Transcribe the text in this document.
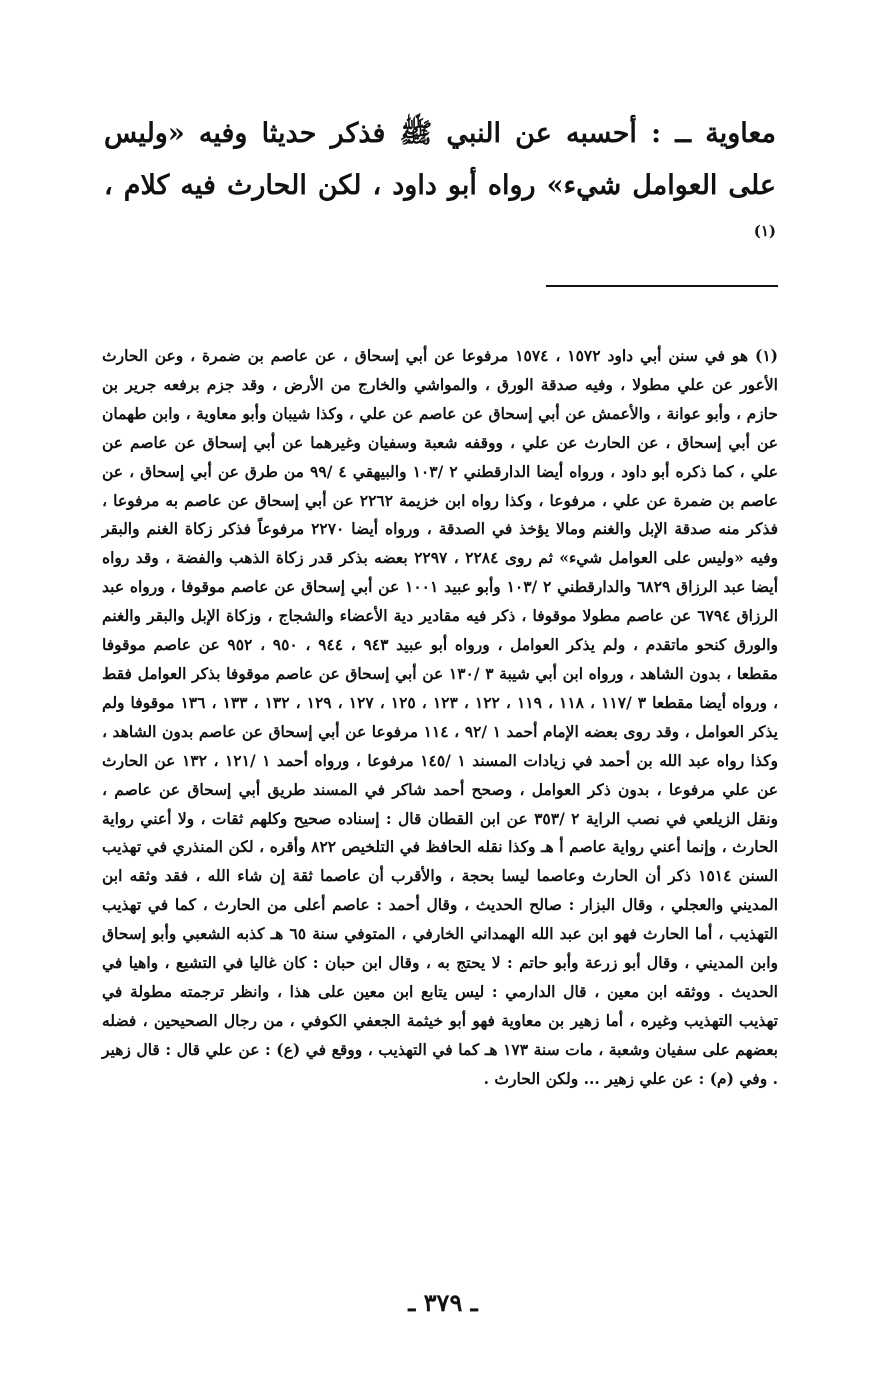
معاوية ــ : أحسبه عن النبي ﷺ فذكر حديثا وفيه «وليس على العوامل شيء» رواه أبو داود ، لكن الحارث فيه كلام ،$^{(١)}$

(١) هو في سنن أبي داود ١٥٧٢ ، ١٥٧٤ مرفوعا عن أبي إسحاق ، عن عاصم بن ضمرة ، وعن الحارث الأعور عن علي مطولا ، وفيه صدقة الورق ، والمواشي والخارج من الأرض ، وقد جزم برفعه جرير بن حازم ، وأبو عوانة ، والأعمش عن أبي إسحاق عن عاصم عن علي ، وكذا شيبان وأبو معاوية ، وابن طهمان عن أبي إسحاق ، عن الحارث عن علي ، ووقفه شعبة وسفيان وغيرهما عن أبي إسحاق عن عاصم عن علي ، كما ذكره أبو داود ، ورواه أيضا الدارقطني ٢ /١٠٣ والبيهقي ٤ /٩٩ من طرق عن أبي إسحاق ، عن عاصم بن ضمرة عن علي ، مرفوعا ، وكذا رواه ابن خزيمة ٢٢٦٢ عن أبي إسحاق عن عاصم به مرفوعا ، فذكر منه صدقة الإبل والغنم ومالا يؤخذ في الصدقة ، ورواه أيضا ٢٢٧٠ مرفوعاً فذكر زكاة الغنم والبقر وفيه «وليس على العوامل شيء» ثم روى ٢٢٨٤ ، ٢٢٩٧ بعضه بذكر قدر زكاة الذهب والفضة ، وقد رواه أيضا عبد الرزاق ٦٨٢٩ والدارقطني ٢ /١٠٣ وأبو عبيد ١٠٠١ عن أبي إسحاق عن عاصم موقوفا ، ورواه عبد الرزاق ٦٧٩٤ عن عاصم مطولا موقوفا ، ذكر فيه مقادير دية الأعضاء والشجاج ، وزكاة الإبل والبقر والغنم والورق كنحو ماتقدم ، ولم يذكر العوامل ، ورواه أبو عبيد ٩٤٣ ، ٩٤٤ ، ٩٥٠ ، ٩٥٢ عن عاصم موقوفا مقطعا ، بدون الشاهد ، ورواه ابن أبي شيبة ٣ /١٣٠ عن أبي إسحاق عن عاصم موقوفا بذكر العوامل فقط ، ورواه أيضا مقطعا ٣ /١١٧ ، ١١٨ ، ١١٩ ، ١٢٢ ، ١٢٣ ، ١٢٥ ، ١٢٧ ، ١٢٩ ، ١٣٢ ، ١٣٣ ، ١٣٦ موقوفا ولم يذكر العوامل ، وقد روى بعضه الإمام أحمد ١ /٩٢ ، ١١٤ مرفوعا عن أبي إسحاق عن عاصم بدون الشاهد ، وكذا رواه عبد الله بن أحمد في زيادات المسند ١ /١٤٥ مرفوعا ، ورواه أحمد ١ /١٢١ ، ١٣٢ عن الحارث عن علي مرفوعا ، بدون ذكر العوامل ، وصحح أحمد شاكر في المسند طريق أبي إسحاق عن عاصم ، ونقل الزيلعي في نصب الراية ٢ /٣٥٣ عن ابن القطان قال : إسناده صحيح وكلهم ثقات ، ولا أعني رواية الحارث ، وإنما أعني رواية عاصم أ هـ وكذا نقله الحافظ في التلخيص ٨٢٢ وأقره ، لكن المنذري في تهذيب السنن ١٥١٤ ذكر أن الحارث وعاصما ليسا بحجة ، والأقرب أن عاصما ثقة إن شاء الله ، فقد وثقه ابن المديني والعجلي ، وقال البزار : صالح الحديث ، وقال أحمد : عاصم أعلى من الحارث ، كما في تهذيب التهذيب ، أما الحارث فهو ابن عبد الله الهمداني الخارفي ، المتوفي سنة ٦٥ هـ كذبه الشعبي وأبو إسحاق وابن المديني ، وقال أبو زرعة وأبو حاتم : لا يحتج به ، وقال ابن حبان : كان غاليا في التشيع ، واهيا في الحديث . ووثقه ابن معين ، قال الدارمي : ليس يتابع ابن معين على هذا ، وانظر ترجمته مطولة في تهذيب التهذيب وغيره ، أما زهير بن معاوية فهو أبو خيثمة الجعفي الكوفي ، من رجال الصحيحين ، فضله بعضهم على سفيان وشعبة ، مات سنة ١٧٣ هـ كما في التهذيب ، ووقع في (ع) : عن علي قال : قال زهير . وفي (م) : عن علي زهير ... ولكن الحارث .

ـ ٣٧٩ ـ
